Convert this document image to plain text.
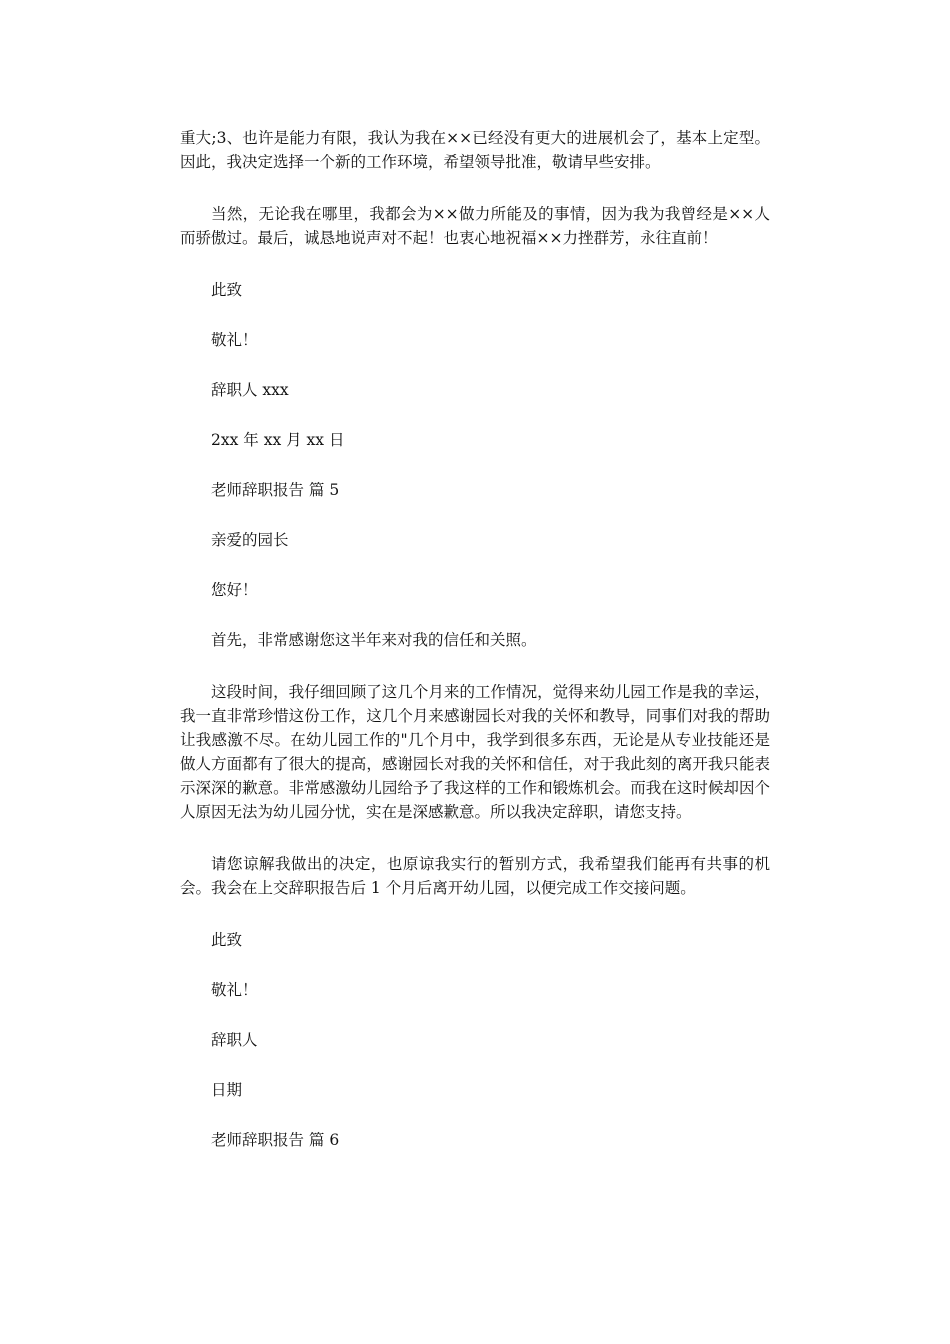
重大;3、也许是能力有限，我认为我在××已经没有更大的进展机会了，基本上定型。因此，我决定选择一个新的工作环境，希望领导批准，敬请早些安排。

当然，无论我在哪里，我都会为××做力所能及的事情，因为我为我曾经是××人而骄傲过。最后，诚恳地说声对不起！也衷心地祝福××力挫群芳，永往直前！

此致

敬礼！

辞职人 xxx

2xx 年 xx 月 xx 日

老师辞职报告 篇 5

亲爱的园长

您好！

首先，非常感谢您这半年来对我的信任和关照。

这段时间，我仔细回顾了这几个月来的工作情况，觉得来幼儿园工作是我的幸运，我一直非常珍惜这份工作，这几个月来感谢园长对我的关怀和教导，同事们对我的帮助让我感激不尽。在幼儿园工作的"几个月中，我学到很多东西，无论是从专业技能还是做人方面都有了很大的提高，感谢园长对我的关怀和信任，对于我此刻的离开我只能表示深深的歉意。非常感激幼儿园给予了我这样的工作和锻炼机会。而我在这时候却因个人原因无法为幼儿园分忧，实在是深感歉意。所以我决定辞职，请您支持。

请您谅解我做出的决定，也原谅我实行的暂别方式，我希望我们能再有共事的机会。我会在上交辞职报告后 1 个月后离开幼儿园，以便完成工作交接问题。

此致

敬礼！

辞职人

日期

老师辞职报告 篇 6
